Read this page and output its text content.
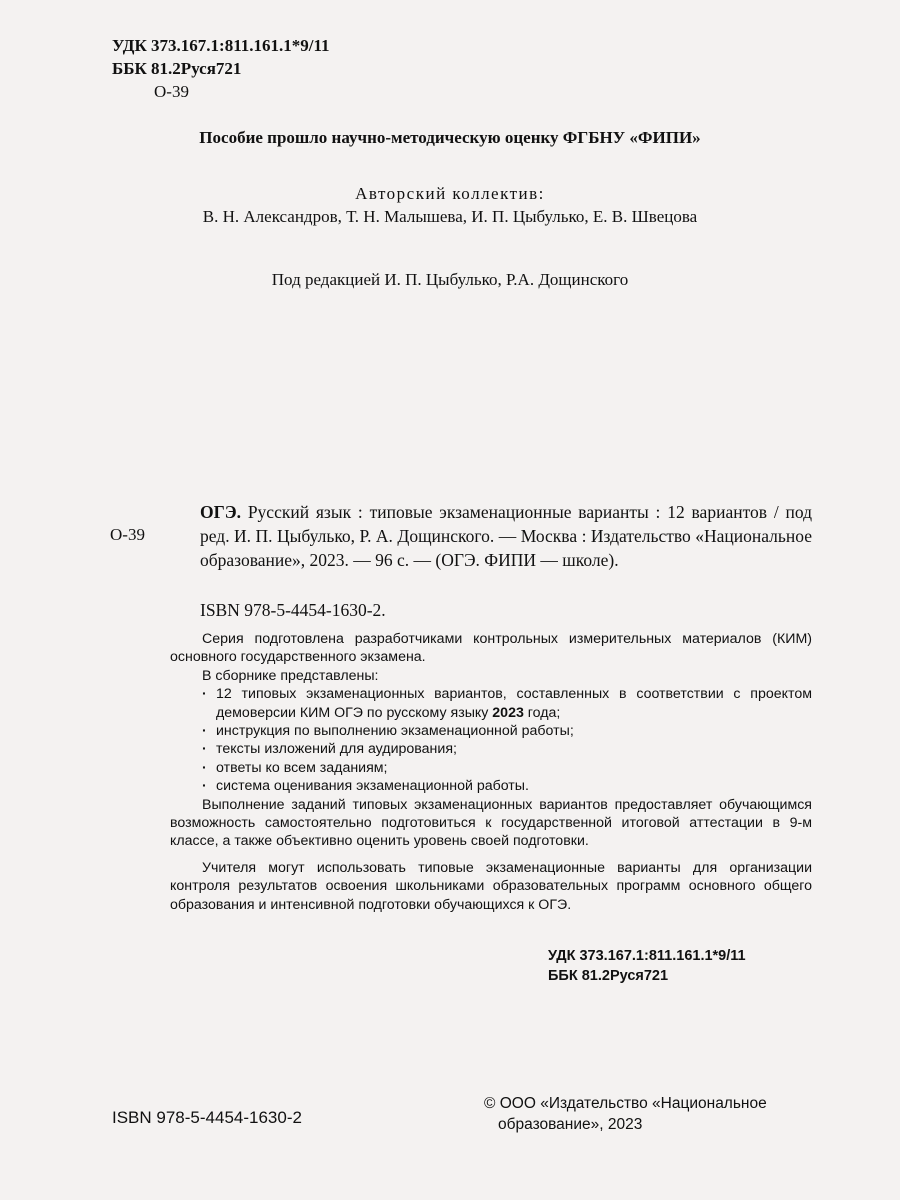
УДК 373.167.1:811.161.1*9/11
ББК 81.2Руся721
О-39
Пособие прошло научно-методическую оценку ФГБНУ «ФИПИ»
Авторский коллектив:
В. Н. Александров, Т. Н. Малышева, И. П. Цыбулько, Е. В. Швецова
Под редакцией И. П. Цыбулько, Р.А. Дощинского
О-39
ОГЭ. Русский язык : типовые экзаменационные варианты : 12 вариантов / под ред. И. П. Цыбулько, Р. А. Дощинского. — Москва : Издательство «Национальное образование», 2023. — 96 с. — (ОГЭ. ФИПИ — школе).
ISBN 978-5-4454-1630-2.

Серия подготовлена разработчиками контрольных измерительных материалов (КИМ) основного государственного экзамена.

В сборнике представлены:

· 12 типовых экзаменационных вариантов, составленных в соответствии с проектом демоверсии КИМ ОГЭ по русскому языку 2023 года;
· инструкция по выполнению экзаменационной работы;
· тексты изложений для аудирования;
· ответы ко всем заданиям;
· система оценивания экзаменационной работы.

Выполнение заданий типовых экзаменационных вариантов предоставляет обучающимся возможность самостоятельно подготовиться к государственной итоговой аттестации в 9-м классе, а также объективно оценить уровень своей подготовки.

Учителя могут использовать типовые экзаменационные варианты для организации контроля результатов освоения школьниками образовательных программ основного общего образования и интенсивной подготовки обучающихся к ОГЭ.

УДК 373.167.1:811.161.1*9/11
ББК 81.2Руся721
ISBN 978-5-4454-1630-2
© ООО «Издательство «Национальное
образование», 2023
